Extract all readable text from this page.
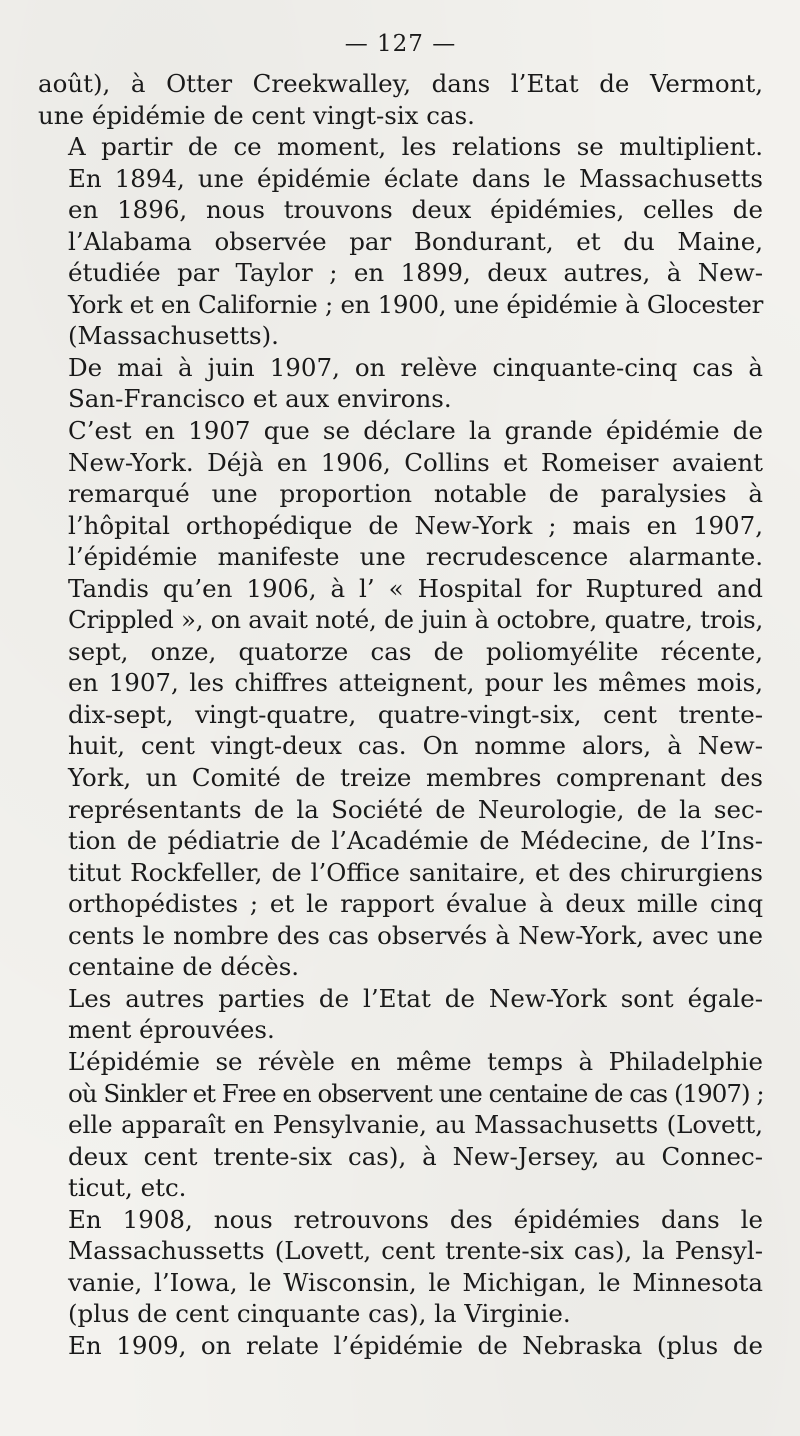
— 127 —

août), à Otter Creekwalley, dans l’Etat de Vermont,
une épidémie de cent vingt-six cas.

A partir de ce moment, les relations se multiplient.
En 1894, une épidémie éclate dans le Massachusetts
en 1896, nous trouvons deux épidémies, celles de
l’Alabama observée par Bondurant, et du Maine,
étudiée par Taylor ; en 1899, deux autres, à New-
York et en Californie ; en 1900, une épidémie à Glocester
(Massachusetts).

De mai à juin 1907, on relève cinquante-cinq cas à
San-Francisco et aux environs.

C’est en 1907 que se déclare la grande épidémie de
New-York. Déjà en 1906, Collins et Romeiser avaient
remarqué une proportion notable de paralysies à
l’hôpital orthopédique de New-York ; mais en 1907,
l’épidémie manifeste une recrudescence alarmante.
Tandis qu’en 1906, à l’ « Hospital for Ruptured and
Crippled », on avait noté, de juin à octobre, quatre, trois,
sept, onze, quatorze cas de poliomyélite récente,
en 1907, les chiffres atteignent, pour les mêmes mois,
dix-sept, vingt-quatre, quatre-vingt-six, cent trente-
huit, cent vingt-deux cas. On nomme alors, à New-
York, un Comité de treize membres comprenant des
représentants de la Société de Neurologie, de la sec-
tion de pédiatrie de l’Académie de Médecine, de l’Ins-
titut Rockfeller, de l’Office sanitaire, et des chirurgiens
orthopédistes ; et le rapport évalue à deux mille cinq
cents le nombre des cas observés à New-York, avec une
centaine de décès.

Les autres parties de l’Etat de New-York sont égale-
ment éprouvées.

L’épidémie se révèle en même temps à Philadelphie
où Sinkler et Free en observent une centaine de cas (1907) ;
elle apparaît en Pensylvanie, au Massachusetts (Lovett,
deux cent trente-six cas), à New-Jersey, au Connec-
ticut, etc.

En 1908, nous retrouvons des épidémies dans le
Massachussetts (Lovett, cent trente-six cas), la Pensyl-
vanie, l’Iowa, le Wisconsin, le Michigan, le Minnesota
(plus de cent cinquante cas), la Virginie.

En 1909, on relate l’épidémie de Nebraska (plus de
